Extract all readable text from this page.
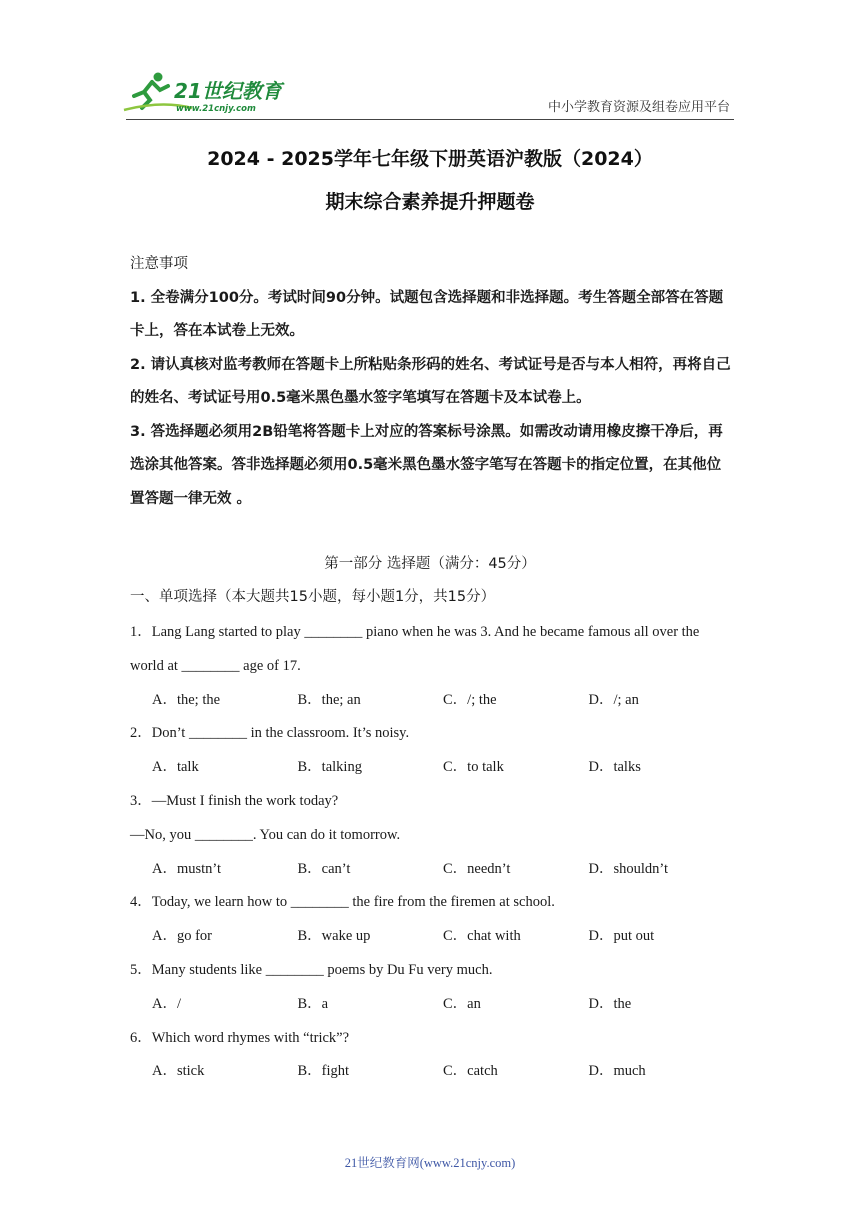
21世纪教育
www.21cnjy.com	中小学教育资源及组卷应用平台
2024 - 2025学年七年级下册英语沪教版（2024）
期末综合素养提升押题卷

注意事项

1. 全卷满分100分。考试时间90分钟。试题包含选择题和非选择题。考生答题全部答在答题卡上，答在本试卷上无效。

2. 请认真核对监考教师在答题卡上所粘贴条形码的姓名、考试证号是否与本人相符，再将自己的姓名、考试证号用0.5毫米黑色墨水签字笔填写在答题卡及本试卷上。

3. 答选择题必须用2B铅笔将答题卡上对应的答案标号涂黑。如需改动请用橡皮擦干净后，再选涂其他答案。答非选择题必须用0.5毫米黑色墨水签字笔写在答题卡的指定位置，在其他位置答题一律无效 。

第一部分 选择题（满分：45分）
一、单项选择（本大题共15小题，每小题1分，共15分）

1．Lang Lang started to play ________ piano when he was 3. And he became famous all over the

world at ________ age of 17.

A．the; the	B．the; an	C．/; the	D．/; an

2．Don’t ________ in the classroom. It’s noisy.

A．talk	B．talking	C．to talk	D．talks

3．—Must I finish the work today?

—No, you ________. You can do it tomorrow.

A．mustn’t	B．can’t	C．needn’t	D．shouldn’t

4．Today, we learn how to ________ the fire from the firemen at school.

A．go for	B．wake up	C．chat with	D．put out

5．Many students like ________ poems by Du Fu very much.

A．/	B．a	C．an	D．the

6．Which word rhymes with “trick”?

A．stick	B．fight	C．catch	D．much
21世纪教育网(www.21cnjy.com)
